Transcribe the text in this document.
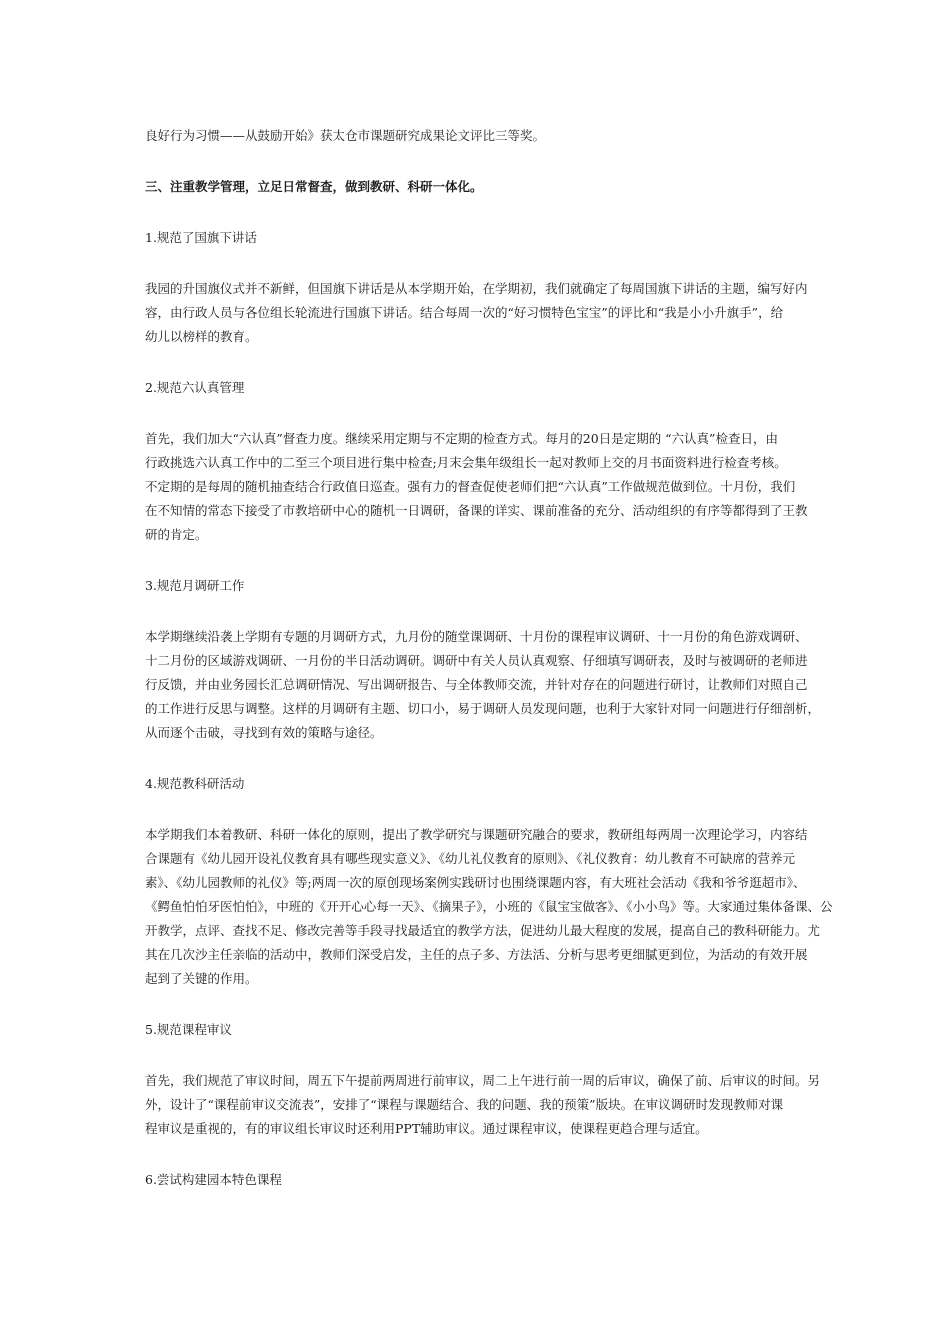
良好行为习惯——从鼓励开始》获太仓市课题研究成果论文评比三等奖。
三、注重教学管理，立足日常督查，做到教研、科研一体化。
1.规范了国旗下讲话
我园的升国旗仪式并不新鲜，但国旗下讲话是从本学期开始，在学期初，我们就确定了每周国旗下讲话的主题，编写好内
容，由行政人员与各位组长轮流进行国旗下讲话。结合每周一次的“好习惯特色宝宝”的评比和“我是小小升旗手”，给
幼儿以榜样的教育。
2.规范六认真管理
首先，我们加大“六认真”督查力度。继续采用定期与不定期的检查方式。每月的20日是定期的 “六认真”检查日，由
行政挑选六认真工作中的二至三个项目进行集中检查;月末会集年级组长一起对教师上交的月书面资料进行检查考核。
不定期的是每周的随机抽查结合行政值日巡查。强有力的督查促使老师们把“六认真”工作做规范做到位。十月份，我们
在不知情的常态下接受了市教培研中心的随机一日调研，备课的详实、课前准备的充分、活动组织的有序等都得到了王教
研的肯定。
3.规范月调研工作
本学期继续沿袭上学期有专题的月调研方式，九月份的随堂课调研、十月份的课程审议调研、十一月份的角色游戏调研、
十二月份的区域游戏调研、一月份的半日活动调研。调研中有关人员认真观察、仔细填写调研表，及时与被调研的老师进
行反馈，并由业务园长汇总调研情况、写出调研报告、与全体教师交流，并针对存在的问题进行研讨，让教师们对照自己
的工作进行反思与调整。这样的月调研有主题、切口小，易于调研人员发现问题，也利于大家针对同一问题进行仔细剖析，
从而逐个击破，寻找到有效的策略与途径。
4.规范教科研活动
本学期我们本着教研、科研一体化的原则，提出了教学研究与课题研究融合的要求，教研组每两周一次理论学习，内容结
合课题有《幼儿园开设礼仪教育具有哪些现实意义》、《幼儿礼仪教育的原则》、《礼仪教育：幼儿教育不可缺席的营养元
素》、《幼儿园教师的礼仪》等;两周一次的原创现场案例实践研讨也围绕课题内容，有大班社会活动《我和爷爷逛超市》、
《鳄鱼怕怕牙医怕怕》，中班的《开开心心每一天》、《摘果子》，小班的《鼠宝宝做客》、《小小鸟》等。大家通过集体备课、公
开教学，点评、查找不足、修改完善等手段寻找最适宜的教学方法，促进幼儿最大程度的发展，提高自己的教科研能力。尤
其在几次沙主任亲临的活动中，教师们深受启发，主任的点子多、方法活、分析与思考更细腻更到位，为活动的有效开展
起到了关键的作用。
5.规范课程审议
首先，我们规范了审议时间，周五下午提前两周进行前审议，周二上午进行前一周的后审议，确保了前、后审议的时间。另
外，设计了“课程前审议交流表”，安排了“课程与课题结合、我的问题、我的预策”版块。在审议调研时发现教师对课
程审议是重视的，有的审议组长审议时还利用PPT辅助审议。通过课程审议，使课程更趋合理与适宜。
6.尝试构建园本特色课程
